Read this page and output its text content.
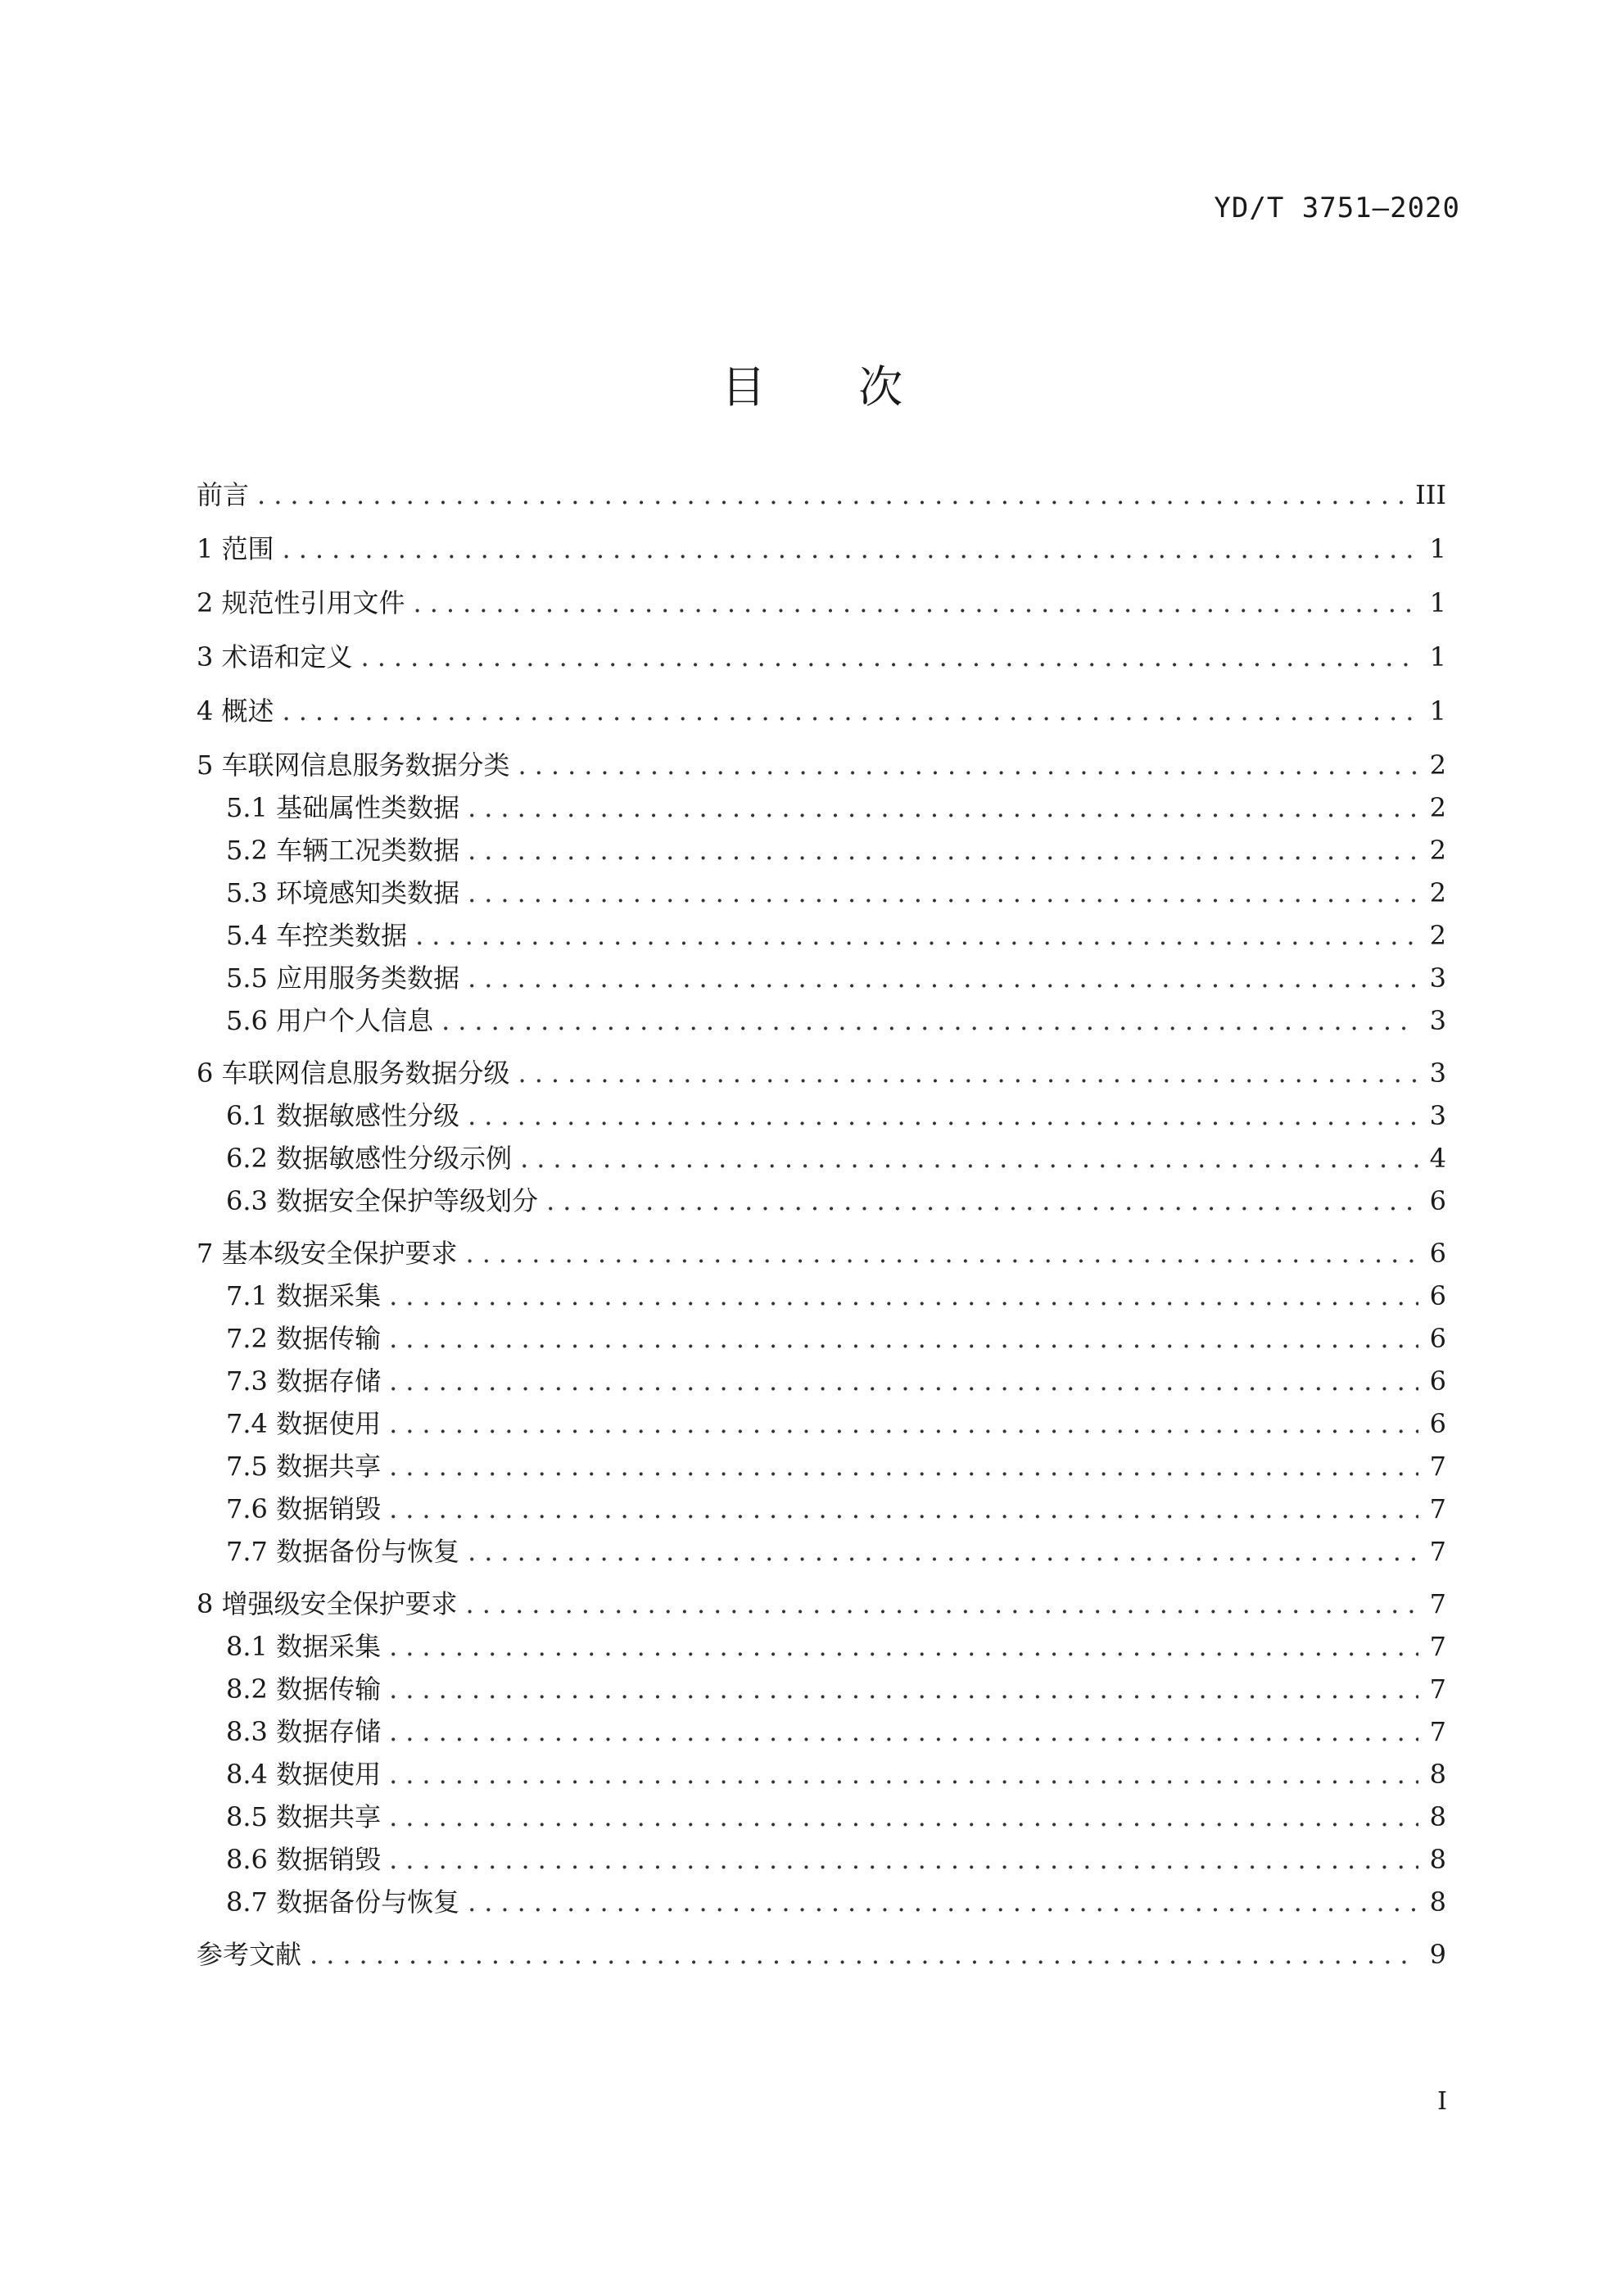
YD/T 3751—2020
目 次
前言 .....	III
1 范围 .....	1
2 规范性引用文件 .....	1
3 术语和定义 .....	1
4 概述 .....	1
5 车联网信息服务数据分类 .....	2
5.1 基础属性类数据 .....	2
5.2 车辆工况类数据 .....	2
5.3 环境感知类数据 .....	2
5.4 车控类数据 .....	2
5.5 应用服务类数据 .....	3
5.6 用户个人信息 .....	3
6 车联网信息服务数据分级 .....	3
6.1 数据敏感性分级 .....	3
6.2 数据敏感性分级示例 .....	4
6.3 数据安全保护等级划分 .....	6
7 基本级安全保护要求 .....	6
7.1 数据采集 .....	6
7.2 数据传输 .....	6
7.3 数据存储 .....	6
7.4 数据使用 .....	6
7.5 数据共享 .....	7
7.6 数据销毁 .....	7
7.7 数据备份与恢复 .....	7
8 增强级安全保护要求 .....	7
8.1 数据采集 .....	7
8.2 数据传输 .....	7
8.3 数据存储 .....	7
8.4 数据使用 .....	8
8.5 数据共享 .....	8
8.6 数据销毁 .....	8
8.7 数据备份与恢复 .....	8
参考文献 .....	9
I
